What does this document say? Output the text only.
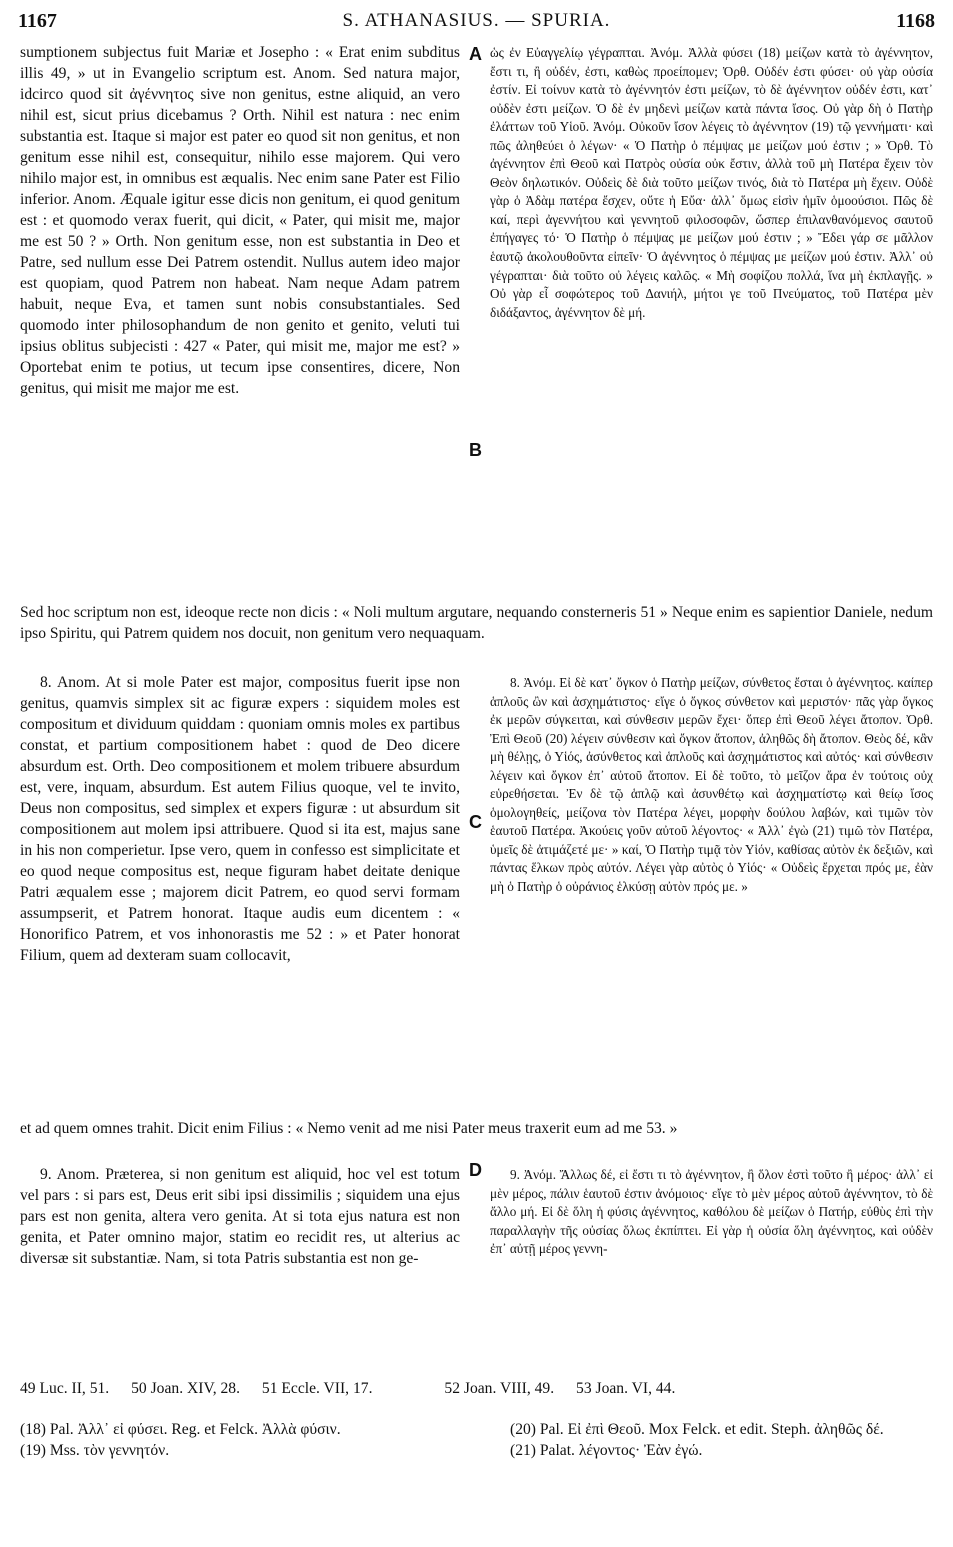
1167	S. ATHANASIUS. — SPURIA.	1168
A
B
C
D

sumptionem subjectus fuit Mariæ et Josepho : « Erat enim subditus illis 49, » ut in Evangelio scriptum est. Anom. Sed natura major, idcirco quod sit ἀγέννητος sive non genitus, estne aliquid, an vero nihil est, sicut prius dicebamus ? Orth. Nihil est natura : nec enim substantia est. Itaque si major est pater eo quod sit non genitus, et non genitum esse nihil est, consequitur, nihilo esse majorem. Qui vero nihilo major est, in omnibus est æqualis. Nec enim sane Pater est Filio inferior. Anom. Æquale igitur esse dicis non genitum, ei quod genitum est : et quomodo verax fuerit, qui dicit, « Pater, qui misit me, major me est 50 ? » Orth. Non genitum esse, non est substantia in Deo et Patre, sed nullum esse Dei Patrem ostendit. Nullus autem ideo major est quopiam, quod Patrem non habeat. Nam neque Adam patrem habuit, neque Eva, et tamen sunt nobis consubstantiales. Sed quomodo inter philosophandum de non genito et genito, veluti tui ipsius oblitus subjecisti : 427 « Pater, qui misit me, major me est? » Oportebat enim te potius, ut tecum ipse consentires, dicere, Non genitus, qui misit me major me est.

ὡς ἐν Εὐαγγελίῳ γέγραπται. Ἀνόμ. Ἀλλὰ φύσει (18) μείζων κατὰ τὸ ἀγέννητον, ἔστι τι, ἢ οὐδέν, ἐστι, καθὼς προείπομεν; Ὀρθ. Οὐδέν ἐστι φύσει· οὐ γὰρ οὐσία ἐστίν. Εἰ τοίνυν κατὰ τὸ ἀγέννητόν ἐστι μείζων, τὸ δὲ ἀγέννητον οὐδέν ἐστι, κατ᾽ οὐδὲν ἐστι μείζων. Ὁ δὲ ἐν μηδενὶ μείζων κατὰ πάντα ἴσος. Οὐ γὰρ δὴ ὁ Πατὴρ ἐλάττων τοῦ Υἱοῦ. Ἀνόμ. Οὐκοῦν ἴσον λέγεις τὸ ἀγέννητον (19) τῷ γεννήματι· καὶ πῶς ἀληθεύει ὁ λέγων· « Ὁ Πατὴρ ὁ πέμψας με μείζων μού ἐστιν ; » Ὀρθ. Τὸ ἀγέννητον ἐπὶ Θεοῦ καὶ Πατρὸς οὐσία οὐκ ἔστιν, ἀλλὰ τοῦ μὴ Πατέρα ἔχειν τὸν Θεὸν δηλωτικόν. Οὐδεὶς δὲ διὰ τοῦτο μείζων τινός, διὰ τὸ Πατέρα μὴ ἔχειν. Οὐδὲ γὰρ ὁ Ἀδὰμ πατέρα ἔσχεν, οὔτε ἡ Εὔα· ἀλλ᾽ ὅμως εἰσὶν ἡμῖν ὁμοούσιοι. Πῶς δὲ καί, περὶ ἀγεννήτου καὶ γεννητοῦ φιλοσοφῶν, ὥσπερ ἐπιλανθανόμενος σαυτοῦ ἐπήγαγες τό· Ὁ Πατὴρ ὁ πέμψας με μείζων μού ἐστιν ; » Ἔδει γάρ σε μᾶλλον ἑαυτῷ ἀκολουθοῦντα εἰπεῖν· Ὁ ἀγέννητος ὁ πέμψας με μείζων μού ἐστιν. Ἀλλ᾽ οὐ γέγραπται· διὰ τοῦτο οὐ λέγεις καλῶς. « Μὴ σοφίζου πολλά, ἵνα μὴ ἐκπλαγῇς. » Οὐ γὰρ εἶ σοφώτερος τοῦ Δανιήλ, μήτοι γε τοῦ Πνεύματος, τοῦ Πατέρα μὲν διδάξαντος, ἀγέννητον δὲ μή.

Sed hoc scriptum non est, ideoque recte non dicis : « Noli multum argutare, nequando consterneris 51 » Neque enim es sapientior Daniele, nedum ipso Spiritu, qui Patrem quidem nos docuit, non genitum vero nequaquam.

8. Anom. At si mole Pater est major, compositus fuerit ipse non genitus, quamvis simplex sit ac figuræ expers : siquidem moles est compositum et dividuum quiddam : quoniam omnis moles ex partibus constat, et partium compositionem habet : quod de Deo dicere absurdum est. Orth. Deo compositionem et molem tribuere absurdum est, vere, inquam, absurdum. Est autem Filius quoque, vel te invito, Deus non compositus, sed simplex et expers figuræ : ut absurdum sit compositionem aut molem ipsi attribuere. Quod si ita est, majus sane in his non comperietur. Ipse vero, quem in confesso est simplicitate et eo quod neque compositus est, neque figuram habet deitate denique Patri æqualem esse ; majorem dicit Patrem, eo quod servi formam assumpserit, et Patrem honorat. Itaque audis eum dicentem : « Honorifico Patrem, et vos inhonorastis me 52 : » et Pater honorat Filium, quem ad dexteram suam collocavit,

8. Ἀνόμ. Εἰ δὲ κατ᾽ ὄγκον ὁ Πατὴρ μείζων, σύνθετος ἔσται ὁ ἀγέννητος. καίπερ ἁπλοῦς ὢν καὶ ἀσχημάτιστος· εἴγε ὁ ὄγκος σύνθετον καὶ μεριστόν· πᾶς γὰρ ὄγκος ἐκ μερῶν σύγκειται, καὶ σύνθεσιν μερῶν ἔχει· ὅπερ ἐπὶ Θεοῦ λέγει ἄτοπον. Ὀρθ. Ἐπὶ Θεοῦ (20) λέγειν σύνθεσιν καὶ ὄγκον ἄτοπον, ἀληθῶς δὴ ἄτοπον. Θεὸς δέ, κἂν μὴ θέλῃς, ὁ Υἱός, ἀσύνθετος καὶ ἁπλοῦς καὶ ἀσχημάτιστος καὶ αὐτός· καὶ σύνθεσιν λέγειν καὶ ὄγκον ἐπ᾽ αὐτοῦ ἄτοπον. Εἰ δὲ τοῦτο, τὸ μεῖζον ἄρα ἐν τούτοις οὐχ εὑρεθήσεται. Ἐν δὲ τῷ ἁπλῷ καὶ ἀσυνθέτῳ καὶ ἀσχηματίστῳ καὶ θείῳ ἴσος ὁμολογηθείς, μείζονα τὸν Πατέρα λέγει, μορφὴν δούλου λαβών, καὶ τιμῶν τὸν ἑαυτοῦ Πατέρα. Ἀκούεις γοῦν αὐτοῦ λέγοντος· « Ἀλλ᾽ ἐγὼ (21) τιμῶ τὸν Πατέρα, ὑμεῖς δὲ ἀτιμάζετέ με· » καί, Ὁ Πατὴρ τιμᾷ τὸν Υἱόν, καθίσας αὐτὸν ἐκ δεξιῶν, καὶ πάντας ἕλκων πρὸς αὐτόν. Λέγει γὰρ αὐτὸς ὁ Υἱός· « Οὐδεὶς ἔρχεται πρός με, ἐὰν μὴ ὁ Πατὴρ ὁ οὐράνιος ἑλκύσῃ αὐτὸν πρός με. »

et ad quem omnes trahit. Dicit enim Filius : « Nemo venit ad me nisi Pater meus traxerit eum ad me 53. »

9. Anom. Præterea, si non genitum est aliquid, hoc vel est totum vel pars : si pars est, Deus erit sibi ipsi dissimilis ; siquidem una ejus pars est non genita, altera vero genita. At si tota ejus natura est non genita, et Pater omnino major, statim eo recidit res, ut alterius ac diversæ sit substantiæ. Nam, si tota Patris substantia est non ge-

9. Ἀνόμ. Ἄλλως δέ, εἰ ἔστι τι τὸ ἀγέννητον, ἢ ὅλον ἐστὶ τοῦτο ἢ μέρος· ἀλλ᾽ εἰ μὲν μέρος, πάλιν ἑαυτοῦ ἐστιν ἀνόμοιος· εἴγε τὸ μὲν μέρος αὐτοῦ ἀγέννητον, τὸ δὲ ἄλλο μή. Εἰ δὲ ὅλη ἡ φύσις ἀγέννητος, καθόλου δὲ μείζων ὁ Πατήρ, εὐθὺς ἐπὶ τὴν παραλλαγὴν τῆς οὐσίας ὅλως ἐκπίπτει. Εἰ γὰρ ἡ οὐσία ὅλη ἀγέννητος, καὶ οὐδὲν ἐπ᾽ αὐτῇ μέρος γεννη-

49 Luc. II, 51. 50 Joan. XIV, 28. 51 Eccle. VII, 17.	52 Joan. VIII, 49. 53 Joan. VI, 44.

(18) Pal. Ἀλλ᾽ εἰ φύσει. Reg. et Felck. Ἀλλὰ φύσιν.

(19) Mss. τὸν γεννητόν.

(20) Pal. Εἰ ἐπὶ Θεοῦ. Mox Felck. et edit. Steph. ἀληθῶς δέ.

(21) Palat. λέγοντος· Ἐὰν ἐγώ.
